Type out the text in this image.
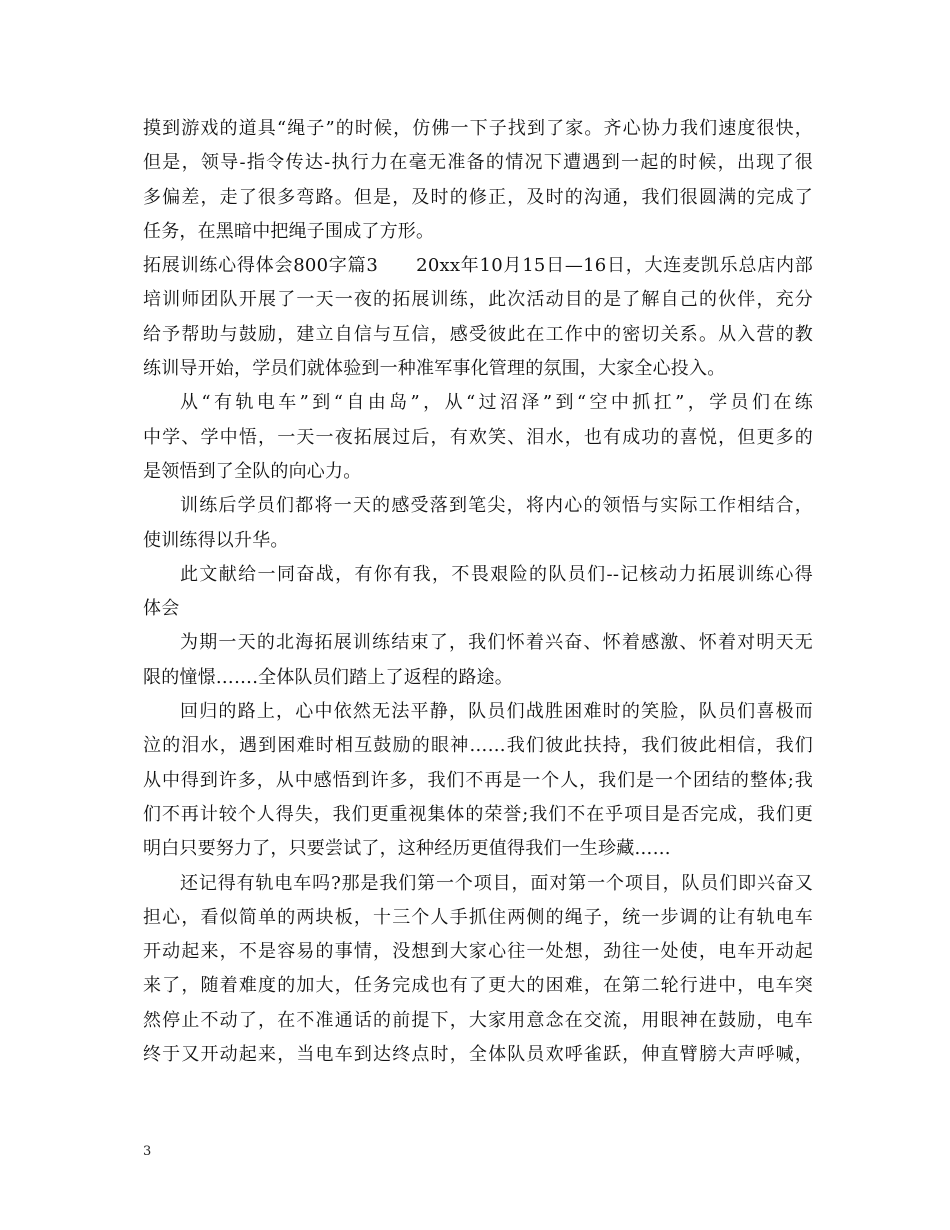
摸到游戏的道具“绳子”的时候，仿佛一下子找到了家。齐心协力我们速度很快，
但是，领导-指令传达-执行力在毫无准备的情况下遭遇到一起的时候，出现了很
多偏差，走了很多弯路。但是，及时的修正，及时的沟通，我们很圆满的完成了
任务，在黑暗中把绳子围成了方形。
拓展训练心得体会800字篇3　　20xx年10月15日—16日，大连麦凯乐总店内部
培训师团队开展了一天一夜的拓展训练，此次活动目的是了解自己的伙伴，充分
给予帮助与鼓励，建立自信与互信，感受彼此在工作中的密切关系。从入营的教
练训导开始，学员们就体验到一种准军事化管理的氛围，大家全心投入。
从“有轨电车”到“自由岛”，从“过沼泽”到“空中抓扛”，学员们在练
中学、学中悟，一天一夜拓展过后，有欢笑、泪水，也有成功的喜悦，但更多的
是领悟到了全队的向心力。
训练后学员们都将一天的感受落到笔尖，将内心的领悟与实际工作相结合，
使训练得以升华。
此文献给一同奋战，有你有我，不畏艰险的队员们--记核动力拓展训练心得
体会
为期一天的北海拓展训练结束了，我们怀着兴奋、怀着感激、怀着对明天无
限的憧憬…….全体队员们踏上了返程的路途。
回归的路上，心中依然无法平静，队员们战胜困难时的笑脸，队员们喜极而
泣的泪水，遇到困难时相互鼓励的眼神……我们彼此扶持，我们彼此相信，我们
从中得到许多，从中感悟到许多，我们不再是一个人，我们是一个团结的整体;我
们不再计较个人得失，我们更重视集体的荣誉;我们不在乎项目是否完成，我们更
明白只要努力了，只要尝试了，这种经历更值得我们一生珍藏……
还记得有轨电车吗?那是我们第一个项目，面对第一个项目，队员们即兴奋又
担心，看似简单的两块板，十三个人手抓住两侧的绳子，统一步调的让有轨电车
开动起来，不是容易的事情，没想到大家心往一处想，劲往一处使，电车开动起
来了，随着难度的加大，任务完成也有了更大的困难，在第二轮行进中，电车突
然停止不动了，在不准通话的前提下，大家用意念在交流，用眼神在鼓励，电车
终于又开动起来，当电车到达终点时，全体队员欢呼雀跃，伸直臂膀大声呼喊，
3
